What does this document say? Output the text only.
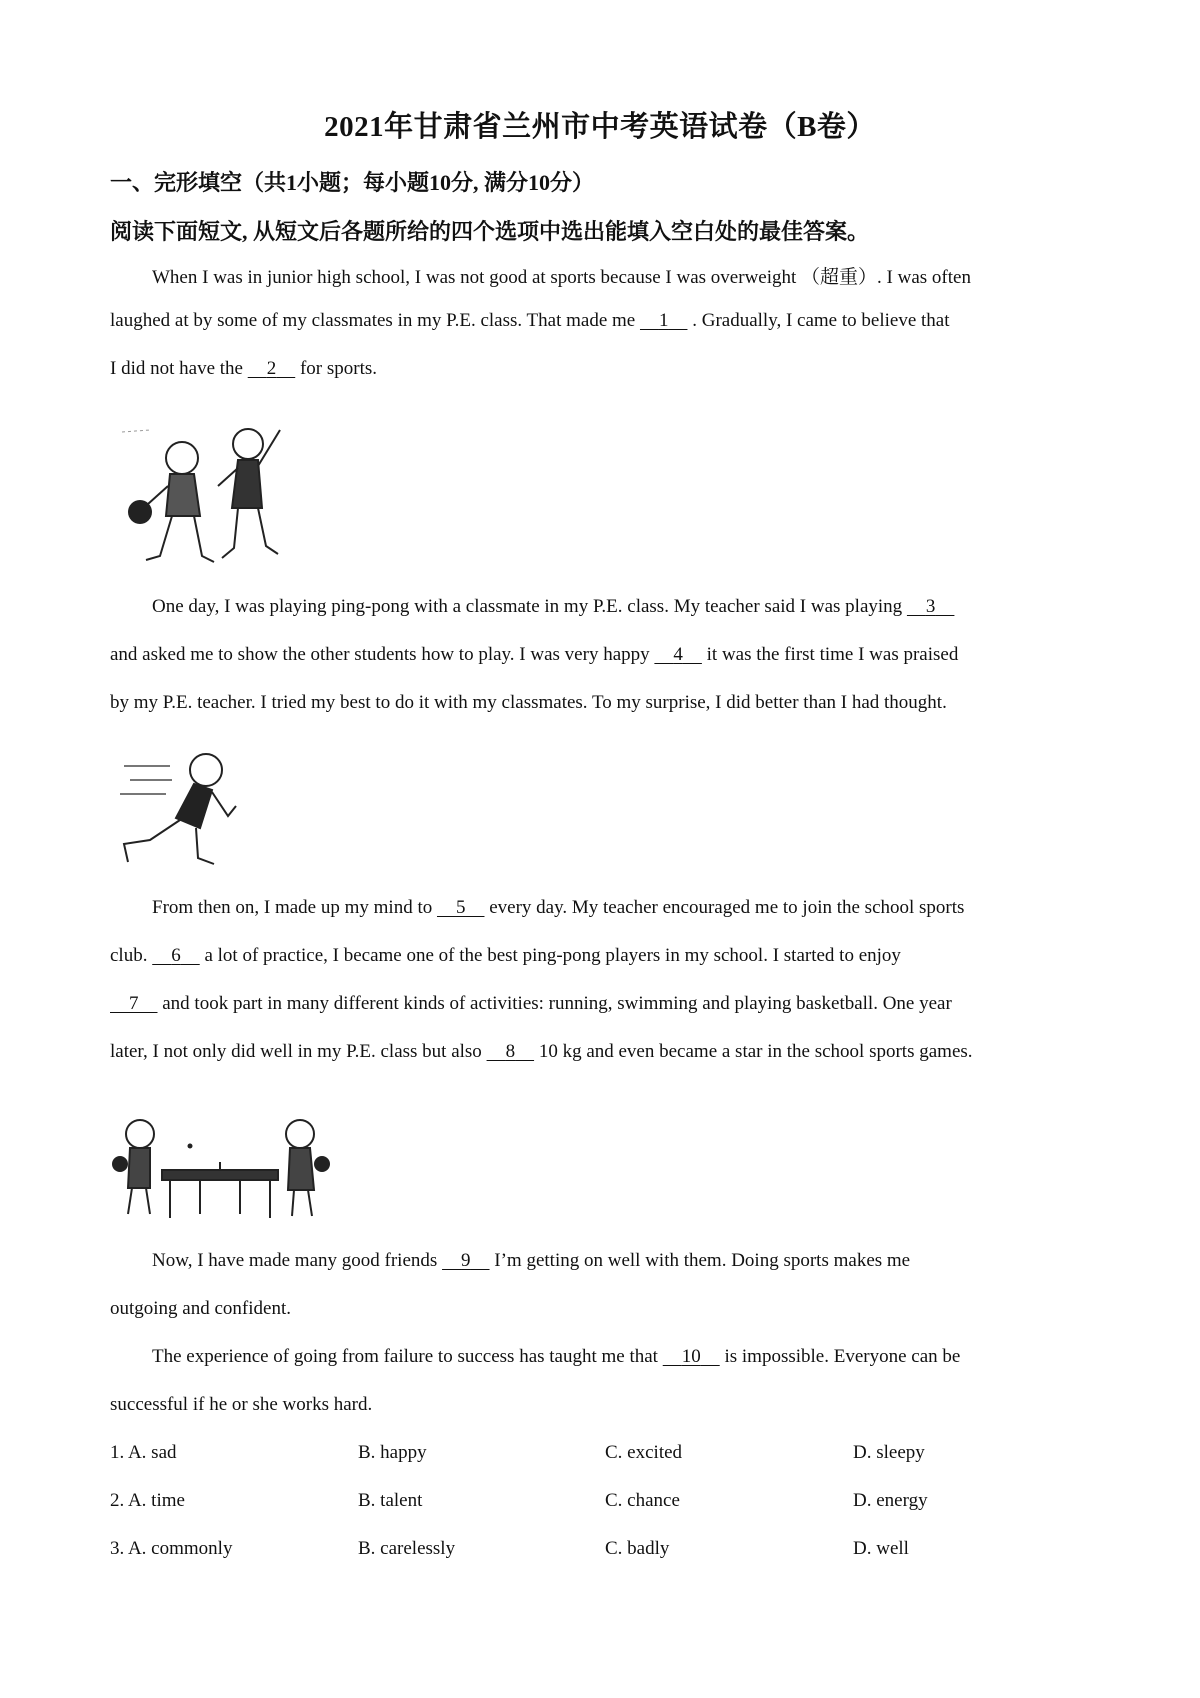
2021年甘肃省兰州市中考英语试卷（B卷）
一、完形填空（共1小题；每小题10分, 满分10分）
阅读下面短文, 从短文后各题所给的四个选项中选出能填入空白处的最佳答案。
When I was in junior high school, I was not good at sports because I was overweight （超重）. I was often
laughed at by some of my classmates in my P.E. class. That made me     1     . Gradually, I came to believe that
I did not have the     2     for sports.
One day, I was playing ping-pong with a classmate in my P.E. class. My teacher said I was playing     3
and asked me to show the other students how to play. I was very happy     4     it was the first time I was praised
by my P.E. teacher. I tried my best to do it with my classmates. To my surprise, I did better than I had thought.
From then on, I made up my mind to     5     every day. My teacher encouraged me to join the school sports
club.     6     a lot of practice, I became one of the best ping-pong players in my school. I started to enjoy
7     and took part in many different kinds of activities: running, swimming and playing basketball. One year
later, I not only did well in my P.E. class but also     8     10 kg and even became a star in the school sports games.
Now, I have made many good friends     9     I’m getting on well with them. Doing sports makes me
outgoing and confident.
The experience of going from failure to success has taught me that     10     is impossible. Everyone can be
successful if he or she works hard.
1. A. sad	B. happy	C. excited	D. sleepy
2. A. time	B. talent	C. chance	D. energy
3. A. commonly	B. carelessly	C. badly	D. well
